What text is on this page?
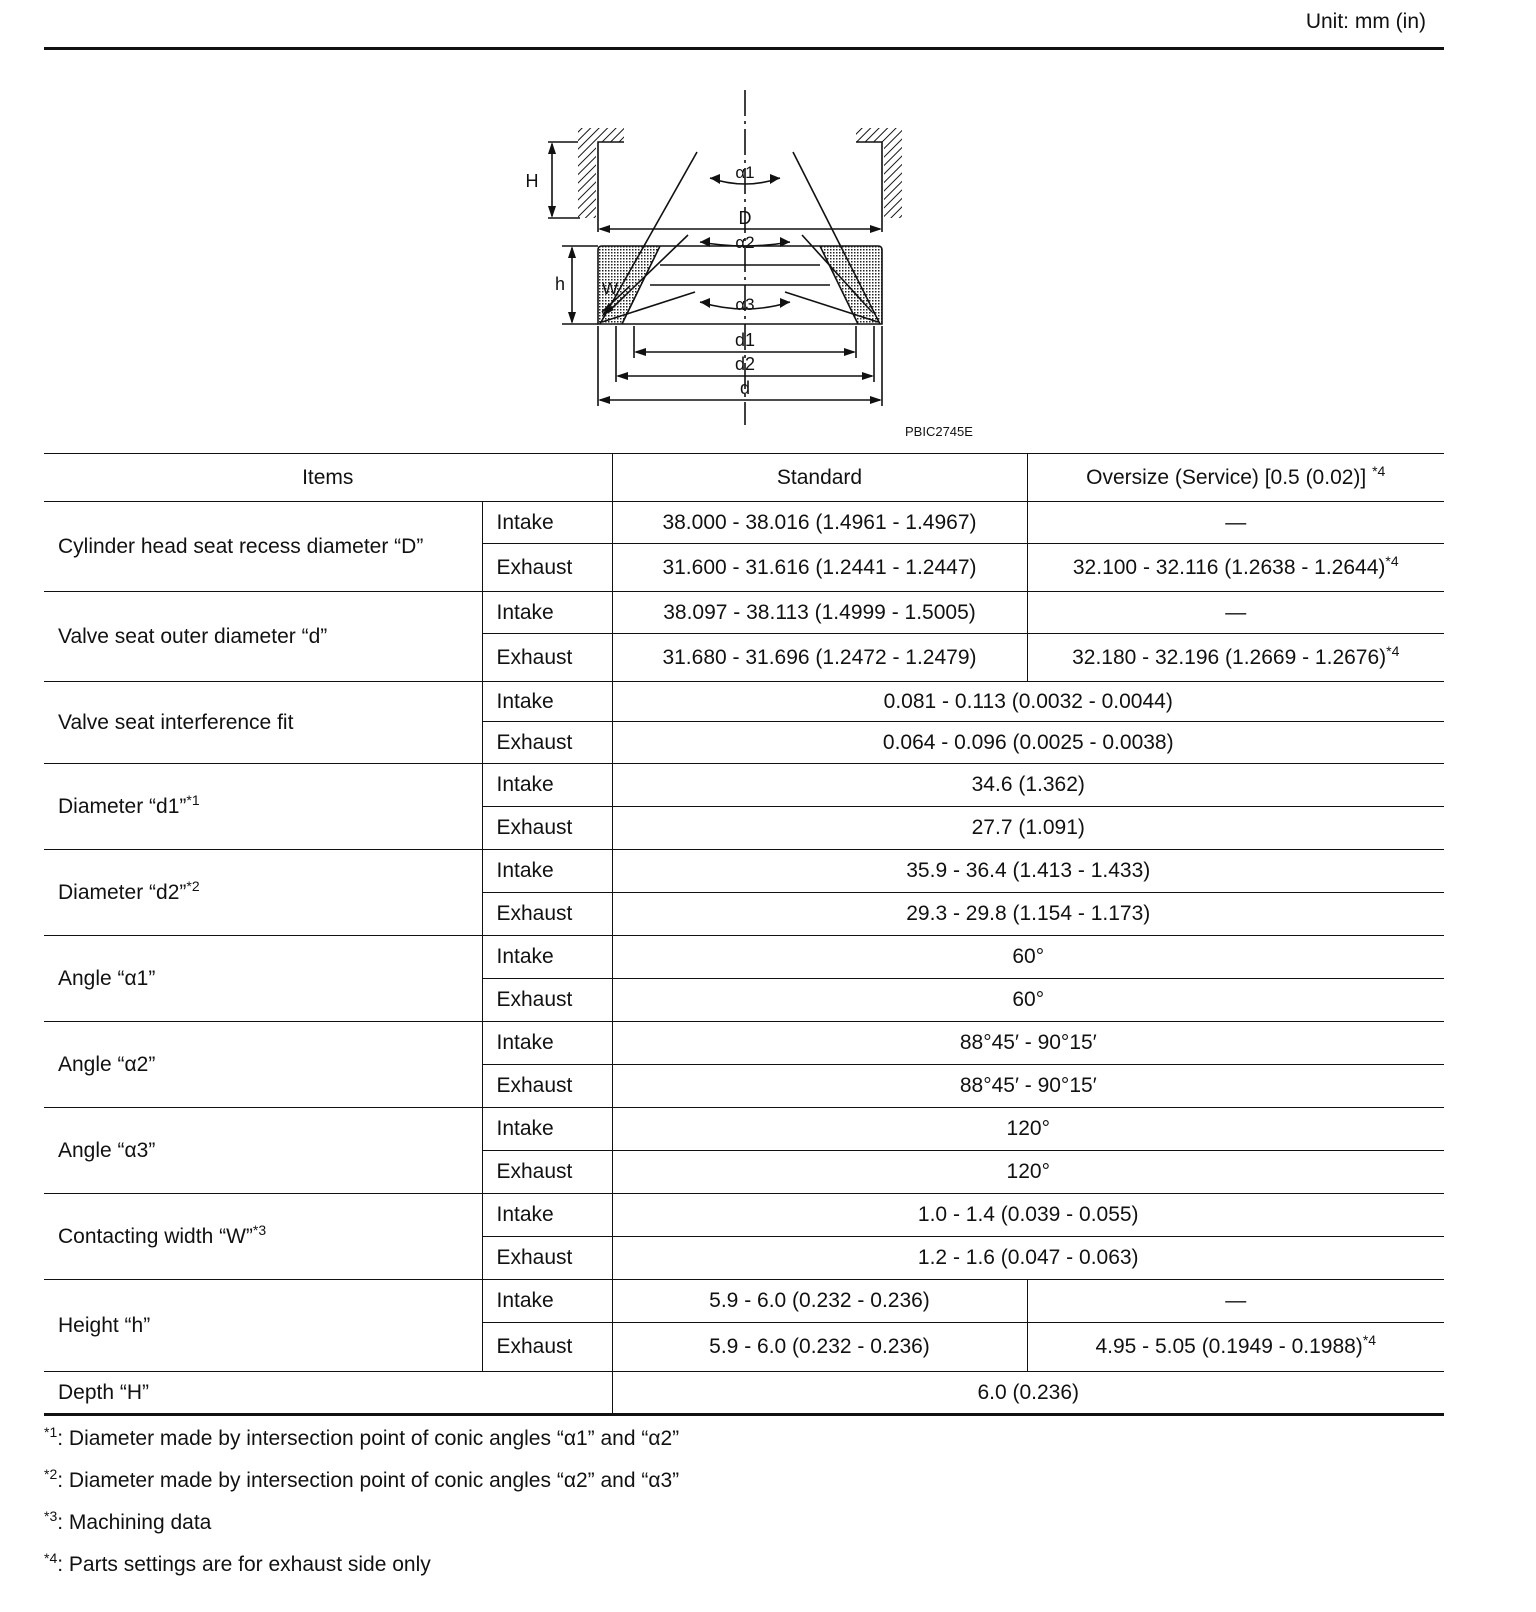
Unit: mm (in)
H	α1
D
α2
h W
α3
d1
d2
d
PBIC2745E
Items		Standard	Oversize (Service) [0.5 (0.02)] $^{*4}$
Cylinder head seat recess diameter “D”	Intake	38.000 - 38.016 (1.4961 - 1.4967)	—
	Exhaust	31.600 - 31.616 (1.2441 - 1.2447)	32.100 - 32.116 (1.2638 - 1.2644)$^{*4}$
Valve seat outer diameter “d”	Intake	38.097 - 38.113 (1.4999 - 1.5005)	—
	Exhaust	31.680 - 31.696 (1.2472 - 1.2479)	32.180 - 32.196 (1.2669 - 1.2676)$^{*4}$
Valve seat interference fit	Intake	0.081 - 0.113 (0.0032 - 0.0044)	
	Exhaust	0.064 - 0.096 (0.0025 - 0.0038)	
Diameter “d1”$^{*1}$	Intake	34.6 (1.362)	
	Exhaust	27.7 (1.091)	
Diameter “d2”$^{*2}$	Intake	35.9 - 36.4 (1.413 - 1.433)	
	Exhaust	29.3 - 29.8 (1.154 - 1.173)	
Angle “α1”	Intake	60°	
	Exhaust	60°	
Angle “α2”	Intake	88°45′ - 90°15′	
	Exhaust	88°45′ - 90°15′	
Angle “α3”	Intake	120°	
	Exhaust	120°	
Contacting width “W”$^{*3}$	Intake	1.0 - 1.4 (0.039 - 0.055)	
	Exhaust	1.2 - 1.6 (0.047 - 0.063)	
Height “h”	Intake	5.9 - 6.0 (0.232 - 0.236)	—
	Exhaust	5.9 - 6.0 (0.232 - 0.236)	4.95 - 5.05 (0.1949 - 0.1988)$^{*4}$
Depth “H”		6.0 (0.236)	
$^{*1}$: Diameter made by intersection point of conic angles “α1” and “α2”
$^{*2}$: Diameter made by intersection point of conic angles “α2” and “α3”
$^{*3}$: Machining data
$^{*4}$: Parts settings are for exhaust side only
